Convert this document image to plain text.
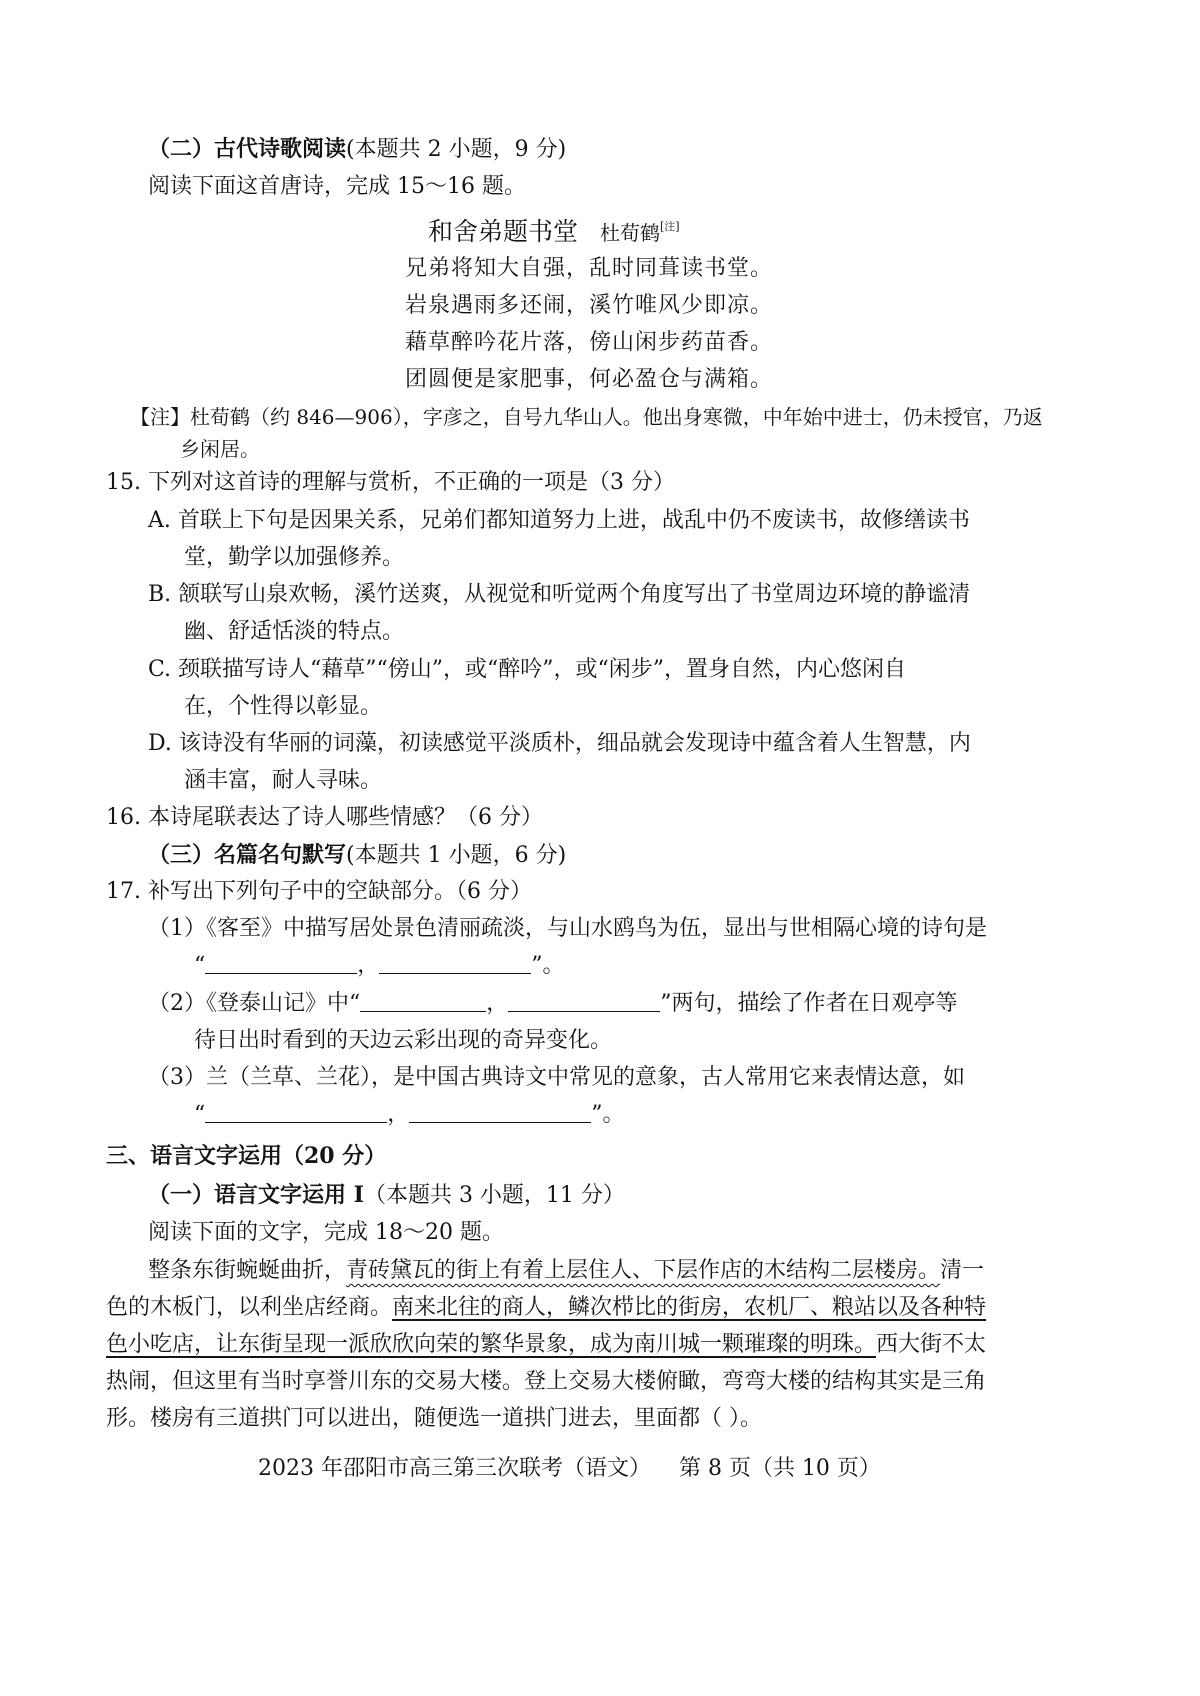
（二）古代诗歌阅读(本题共 2 小题，9 分)
阅读下面这首唐诗，完成 15～16 题。
和舍弟题书堂 杜荀鹤[注]
兄弟将知大自强，乱时同葺读书堂。
岩泉遇雨多还闹，溪竹唯风少即凉。
藉草醉吟花片落，傍山闲步药苗香。
团圆便是家肥事，何必盈仓与满箱。
【注】杜荀鹤（约 846—906），字彦之，自号九华山人。他出身寒微，中年始中进士，仍未授官，乃返
乡闲居。
15. 下列对这首诗的理解与赏析，不正确的一项是（3 分）
A. 首联上下句是因果关系，兄弟们都知道努力上进，战乱中仍不废读书，故修缮读书
堂，勤学以加强修养。
B. 颔联写山泉欢畅，溪竹送爽，从视觉和听觉两个角度写出了书堂周边环境的静谧清
幽、舒适恬淡的特点。
C. 颈联描写诗人“藉草”“傍山”，或“醉吟”，或“闲步”，置身自然，内心悠闲自
在，个性得以彰显。
D. 该诗没有华丽的词藻，初读感觉平淡质朴，细品就会发现诗中蕴含着人生智慧，内
涵丰富，耐人寻味。
16. 本诗尾联表达了诗人哪些情感？（6 分）
（三）名篇名句默写(本题共 1 小题，6 分)
17. 补写出下列句子中的空缺部分。（6 分）
（1）《客至》中描写居处景色清丽疏淡，与山水鸥鸟为伍，显出与世相隔心境的诗句是
“	，	”。
（2）《登泰山记》中“	，	”两句，描绘了作者在日观亭等
待日出时看到的天边云彩出现的奇异变化。
（3）兰（兰草、兰花），是中国古典诗文中常见的意象，古人常用它来表情达意，如
“	，	”。
三、语言文字运用（20 分）
（一）语言文字运用 I（本题共 3 小题，11 分）
阅读下面的文字，完成 18～20 题。
整条东街蜿蜒曲折，青砖黛瓦的街上有着上层住人、下层作店的木结构二层楼房。清一
色的木板门，以利坐店经商。南来北往的商人，鳞次栉比的街房，农机厂、粮站以及各种特
色小吃店，让东街呈现一派欣欣向荣的繁华景象，成为南川城一颗璀璨的明珠。西大街不太
热闹，但这里有当时享誉川东的交易大楼。登上交易大楼俯瞰，弯弯大楼的结构其实是三角
形。楼房有三道拱门可以进出，随便选一道拱门进去，里面都（ ）。
2023 年邵阳市高三第三次联考（语文）    第 8 页（共 10 页）
